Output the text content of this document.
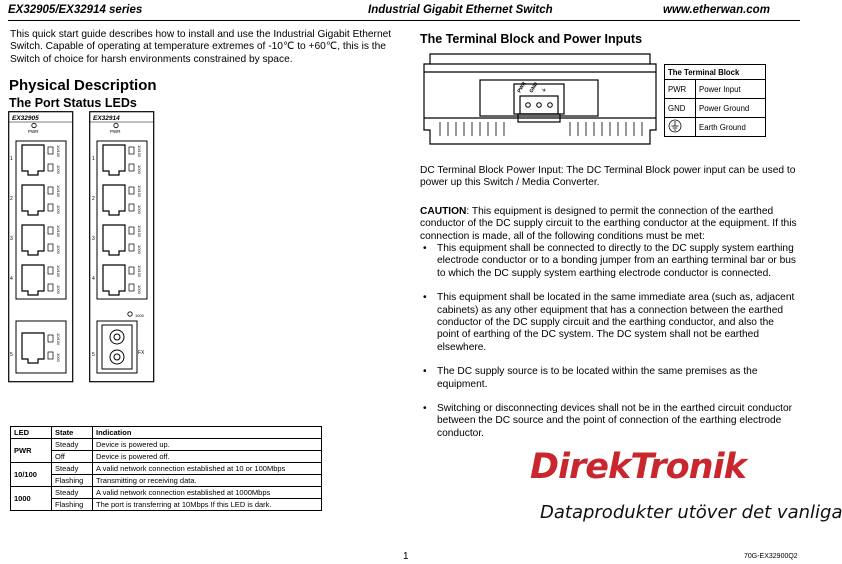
EX32905/EX32914 series	Industrial Gigabit Ethernet Switch	www.etherwan.com
This quick start guide describes how to install and use the Industrial Gigabit Ethernet Switch. Capable of operating at temperature extremes of -10℃ to +60℃, this is the Switch of choice for harsh environments constrained by space.
Physical Description
The Port Status LEDs
EX32905
PWR
1
2
3
4
5
10/100
1000
10/100
1000
10/100
1000
10/100
1000
10/100
1000
EX32914
PWR
1000
FX
1
2
3
4
5
10/100
1000
10/100
1000
10/100
1000
10/100
1000
LED	State	Indication
PWR	Steady	Device is powered up.
	Off	Device is powered off.
10/100	Steady	A valid network connection established at 10 or 100Mbps
	Flashing	Transmitting or receiving data.
1000	Steady	A valid network connection established at 1000Mbps
	Flashing	The port is transferring at 10Mbps If this LED is dark.
The Terminal Block and Power Inputs
PWR GND ⏚
The Terminal Block	
PWR	Power Input
GND	Power Ground
	Earth Ground
DC Terminal Block Power Input: The DC Terminal Block power input can be used to power up this Switch / Media Converter.
CAUTION: This equipment is designed to permit the connection of the earthed conductor of the DC supply circuit to the earthing conductor at the equipment. If this connection is made, all of the following conditions must be met:
• This equipment shall be connected to directly to the DC supply system earthing electrode conductor or to a bonding jumper from an earthing terminal bar or bus to which the DC supply system earthing electrode conductor is connected.
• This equipment shall be located in the same immediate area (such as, adjacent cabinets) as any other equipment that has a connection between the earthed conductor of the DC supply circuit and the earthing conductor, and also the point of earthing of the DC system. The DC system shall not be earthed elsewhere.
• The DC supply source is to be located within the same premises as the equipment.
• Switching or disconnecting devices shall not be in the earthed circuit conductor between the DC source and the point of connection of the earthing electrode conductor.
DirekTronik
Dataprodukter utöver det vanliga
1	70G-EX32900Q2
